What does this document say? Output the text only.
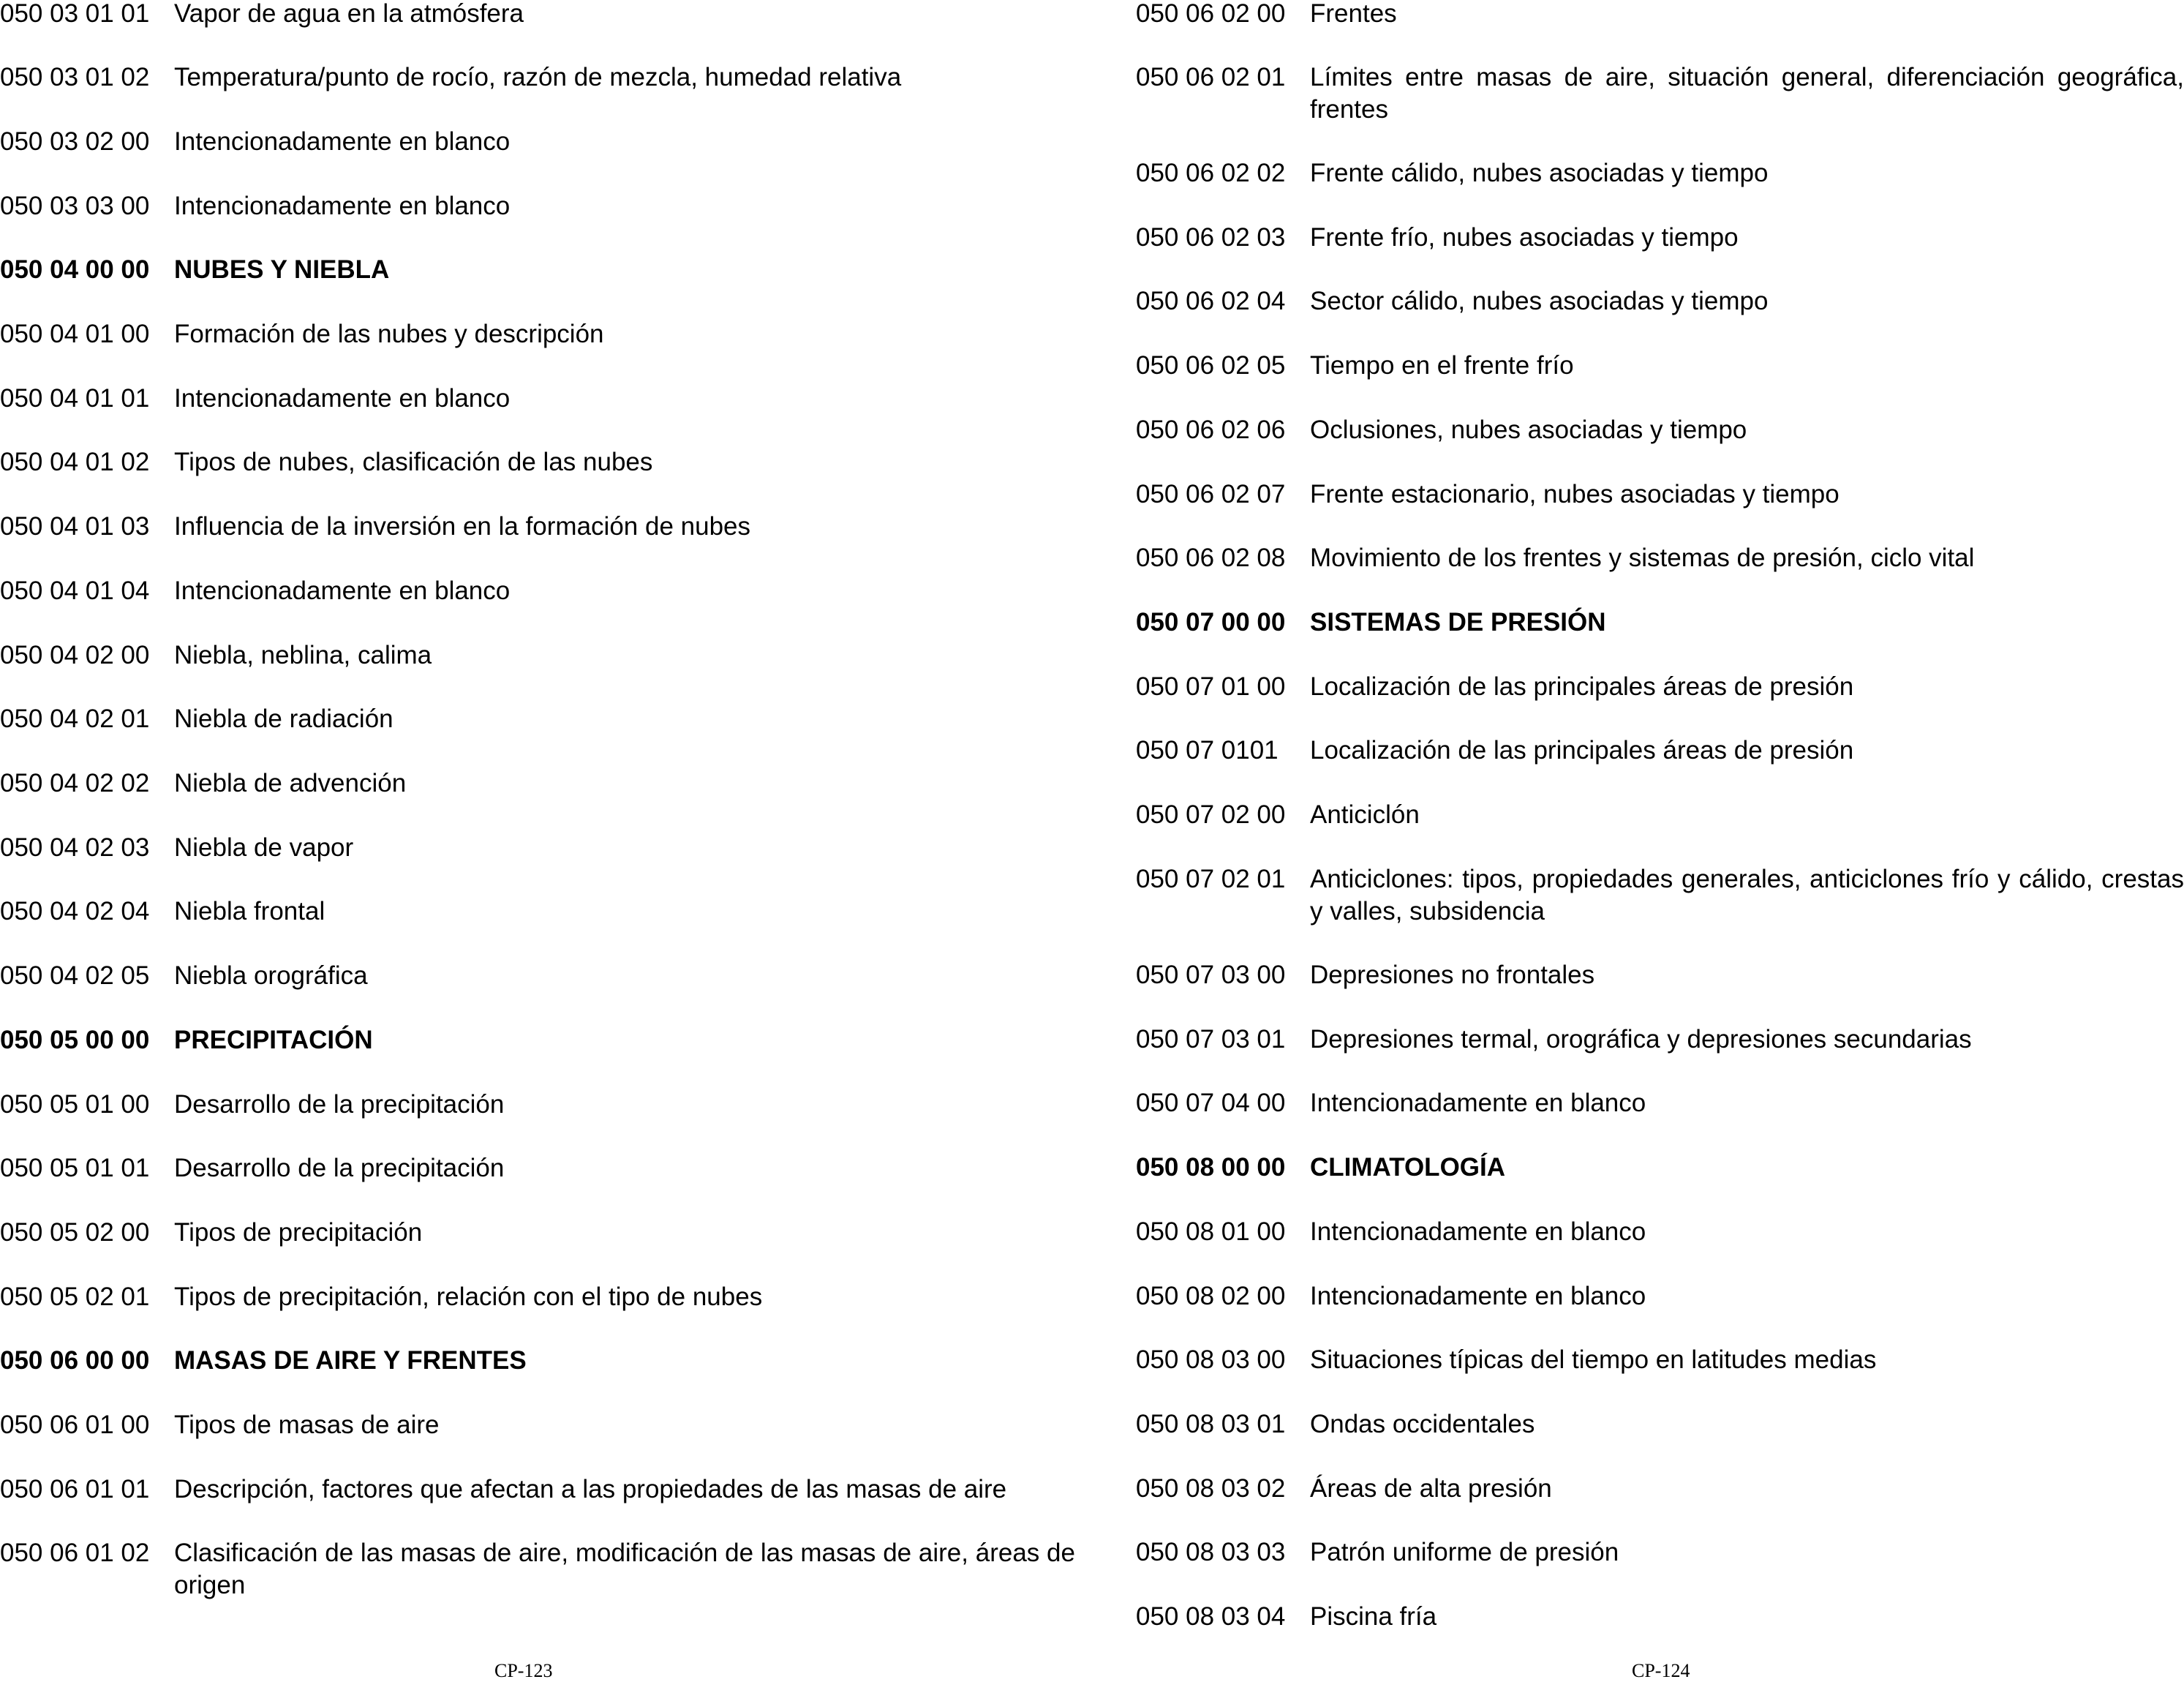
050 03 01 01 Vapor de agua en la atmósfera
050 03 01 02 Temperatura/punto de rocío, razón de mezcla, humedad relativa
050 03 02 00 Intencionadamente en blanco
050 03 03 00 Intencionadamente en blanco
050 04 00 00 NUBES Y NIEBLA
050 04 01 00 Formación de las nubes y descripción
050 04 01 01 Intencionadamente en blanco
050 04 01 02 Tipos de nubes, clasificación de las nubes
050 04 01 03 Influencia de la inversión en la formación de nubes
050 04 01 04 Intencionadamente en blanco
050 04 02 00 Niebla, neblina, calima
050 04 02 01 Niebla de radiación
050 04 02 02 Niebla de advención
050 04 02 03 Niebla de vapor
050 04 02 04 Niebla frontal
050 04 02 05 Niebla orográfica
050 05 00 00 PRECIPITACIÓN
050 05 01 00 Desarrollo de la precipitación
050 05 01 01 Desarrollo de la precipitación
050 05 02 00 Tipos de precipitación
050 05 02 01 Tipos de precipitación, relación con el tipo de nubes
050 06 00 00 MASAS DE AIRE Y FRENTES
050 06 01 00 Tipos de masas de aire
050 06 01 01 Descripción, factores que afectan a las propiedades de las masas de aire
050 06 01 02 Clasificación de las masas de aire, modificación de las masas de aire, áreas de origen
050 06 02 00 Frentes
050 06 02 01 Límites entre masas de aire, situación general, diferenciación geográfica, frentes
050 06 02 02 Frente cálido, nubes asociadas y tiempo
050 06 02 03 Frente frío, nubes asociadas y tiempo
050 06 02 04 Sector cálido, nubes asociadas y tiempo
050 06 02 05 Tiempo en el frente frío
050 06 02 06 Oclusiones, nubes asociadas y tiempo
050 06 02 07 Frente estacionario, nubes asociadas y tiempo
050 06 02 08 Movimiento de los frentes y sistemas de presión, ciclo vital
050 07 00 00 SISTEMAS DE PRESIÓN
050 07 01 00 Localización de las principales áreas de presión
050 07 0101	Localización de las principales áreas de presión
050 07 02 00 Anticiclón
050 07 02 01 Anticiclones: tipos, propiedades generales, anticiclones frío y cálido, crestas y valles, subsidencia
050 07 03 00 Depresiones no frontales
050 07 03 01 Depresiones termal, orográfica y depresiones secundarias
050 07 04 00 Intencionadamente en blanco
050 08 00 00 CLIMATOLOGÍA
050 08 01 00 Intencionadamente en blanco
050 08 02 00 Intencionadamente en blanco
050 08 03 00 Situaciones típicas del tiempo en latitudes medias
050 08 03 01 Ondas occidentales
050 08 03 02 Áreas de alta presión
050 08 03 03 Patrón uniforme de presión
050 08 03 04 Piscina fría
CP-123	CP-124
